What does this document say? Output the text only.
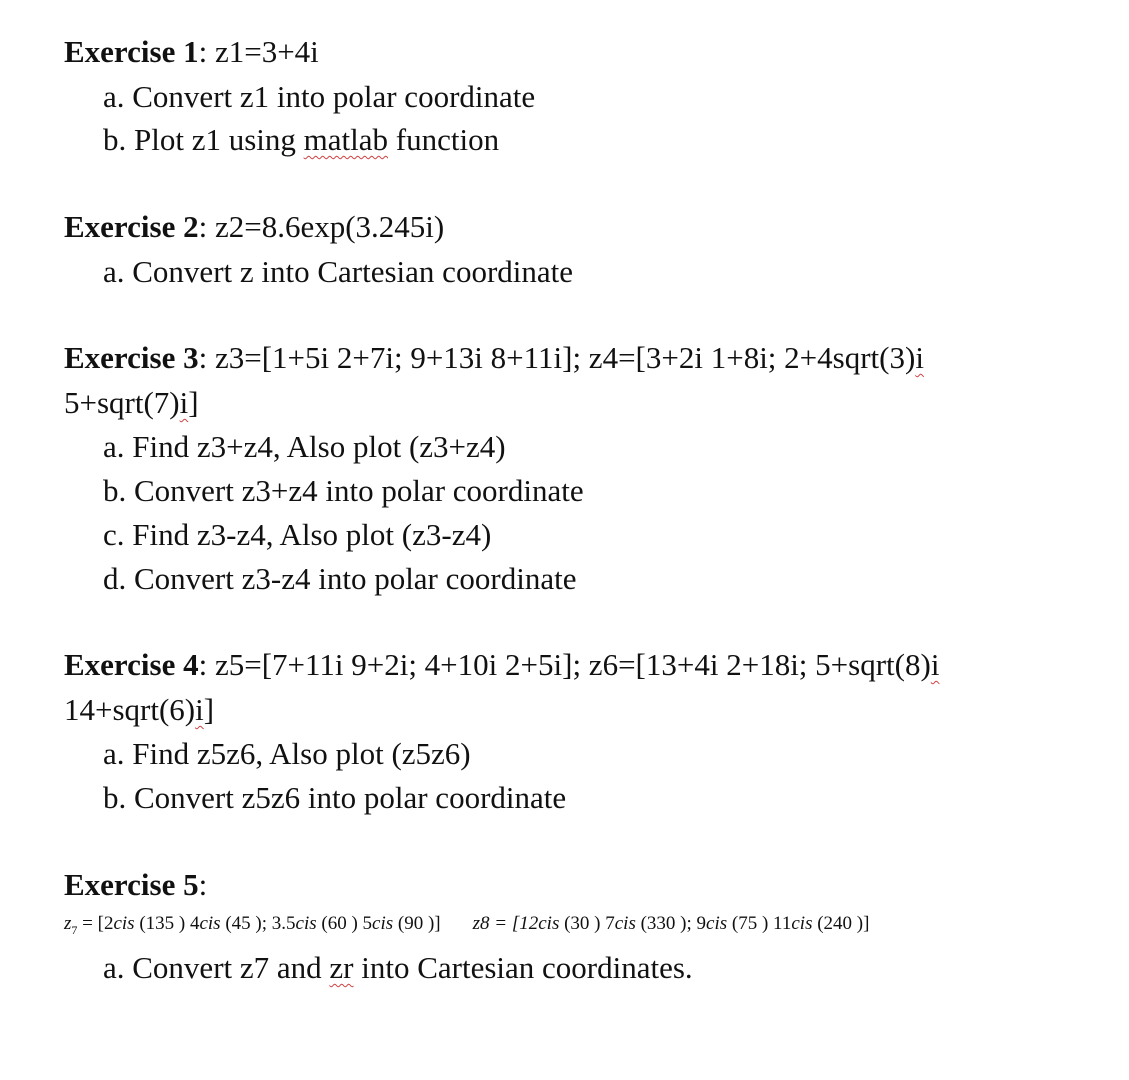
Exercise 1: z1=3+4i
a. Convert z1 into polar coordinate
b. Plot z1 using matlab function
Exercise 2: z2=8.6exp(3.245i)
a. Convert z into Cartesian coordinate
Exercise 3: z3=[1+5i 2+7i; 9+13i 8+11i]; z4=[3+2i 1+8i; 2+4sqrt(3)i
5+sqrt(7)i]
a. Find z3+z4, Also plot (z3+z4)
b. Convert z3+z4 into polar coordinate
c. Find z3-z4, Also plot (z3-z4)
d. Convert z3-z4 into polar coordinate
Exercise 4: z5=[7+11i 9+2i; 4+10i 2+5i]; z6=[13+4i 2+18i; 5+sqrt(8)i
14+sqrt(6)i]
a. Find z5z6, Also plot (z5z6)
b. Convert z5z6 into polar coordinate
Exercise 5:
$z_7 = [2cis$ (135 ) 4cis (45 ); 3.5cis (60 ) 5cis (90 )] z8 = [12cis (30 ) 7cis (330 ); 9cis (75 ) 11cis (240 )]
a. Convert z7 and zr into Cartesian coordinates.
